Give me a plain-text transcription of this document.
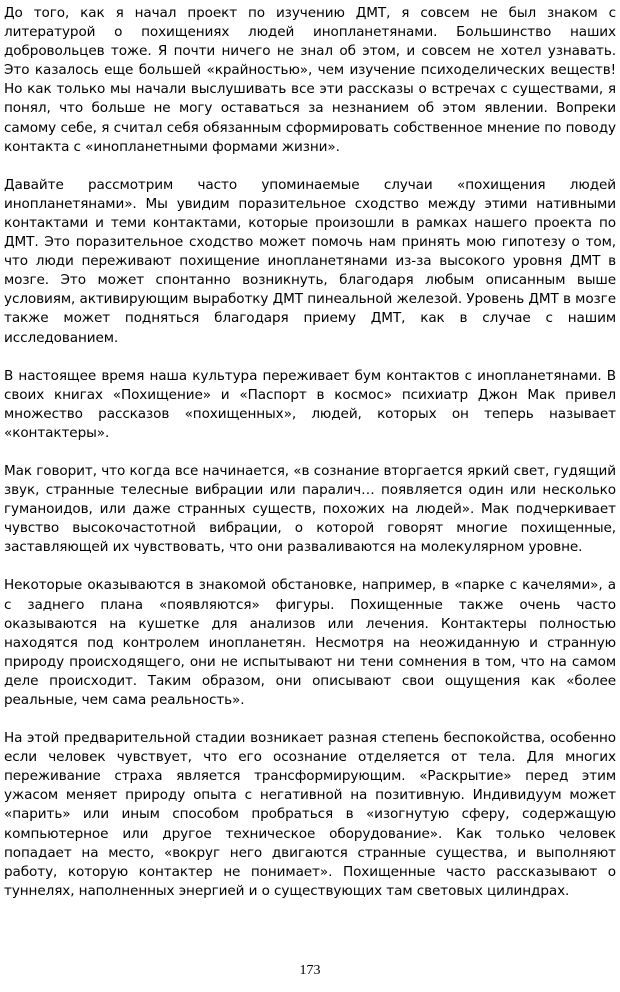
До того, как я начал проект по изучению ДМТ, я совсем не был знаком с литературой о похищениях людей инопланетянами. Большинство наших добровольцев тоже. Я почти ничего не знал об этом, и совсем не хотел узнавать. Это казалось еще большей «крайностью», чем изучение психоделических веществ! Но как только мы начали выслушивать все эти рассказы о встречах с существами, я понял, что больше не могу оставаться за незнанием об этом явлении. Вопреки самому себе, я считал себя обязанным сформировать собственное мнение по поводу контакта с «инопланетными формами жизни».

Давайте рассмотрим часто упоминаемые случаи «похищения людей инопланетянами». Мы увидим поразительное сходство между этими нативными контактами и теми контактами, которые произошли в рамках нашего проекта по ДМТ. Это поразительное сходство может помочь нам принять мою гипотезу о том, что люди переживают похищение инопланетянами из-за высокого уровня ДМТ в мозге. Это может спонтанно возникнуть, благодаря любым описанным выше условиям, активирующим выработку ДМТ пинеальной железой. Уровень ДМТ в мозге также может подняться благодаря приему ДМТ, как в случае с нашим исследованием.

В настоящее время наша культура переживает бум контактов с инопланетянами. В своих книгах «Похищение» и «Паспорт в космос» психиатр Джон Мак привел множество рассказов «похищенных», людей, которых он теперь называет «контактеры».

Мак говорит, что когда все начинается, «в сознание вторгается яркий свет, гудящий звук, странные телесные вибрации или паралич… появляется один или несколько гуманоидов, или даже странных существ, похожих на людей». Мак подчеркивает чувство высокочастотной вибрации, о которой говорят многие похищенные, заставляющей их чувствовать, что они разваливаются на молекулярном уровне.

Некоторые оказываются в знакомой обстановке, например, в «парке с качелями», а с заднего плана «появляются» фигуры. Похищенные также очень часто оказываются на кушетке для анализов или лечения. Контактеры полностью находятся под контролем инопланетян. Несмотря на неожиданную и странную природу происходящего, они не испытывают ни тени сомнения в том, что на самом деле происходит. Таким образом, они описывают свои ощущения как «более реальные, чем сама реальность».

На этой предварительной стадии возникает разная степень беспокойства, особенно если человек чувствует, что его осознание отделяется от тела. Для многих переживание страха является трансформирующим. «Раскрытие» перед этим ужасом меняет природу опыта с негативной на позитивную. Индивидуум может «парить» или иным способом пробраться в «изогнутую сферу, содержащую компьютерное или другое техническое оборудование». Как только человек попадает на место, «вокруг него двигаются странные существа, и выполняют работу, которую контактер не понимает». Похищенные часто рассказывают о туннелях, наполненных энергией и о существующих там световых цилиндрах.

173
